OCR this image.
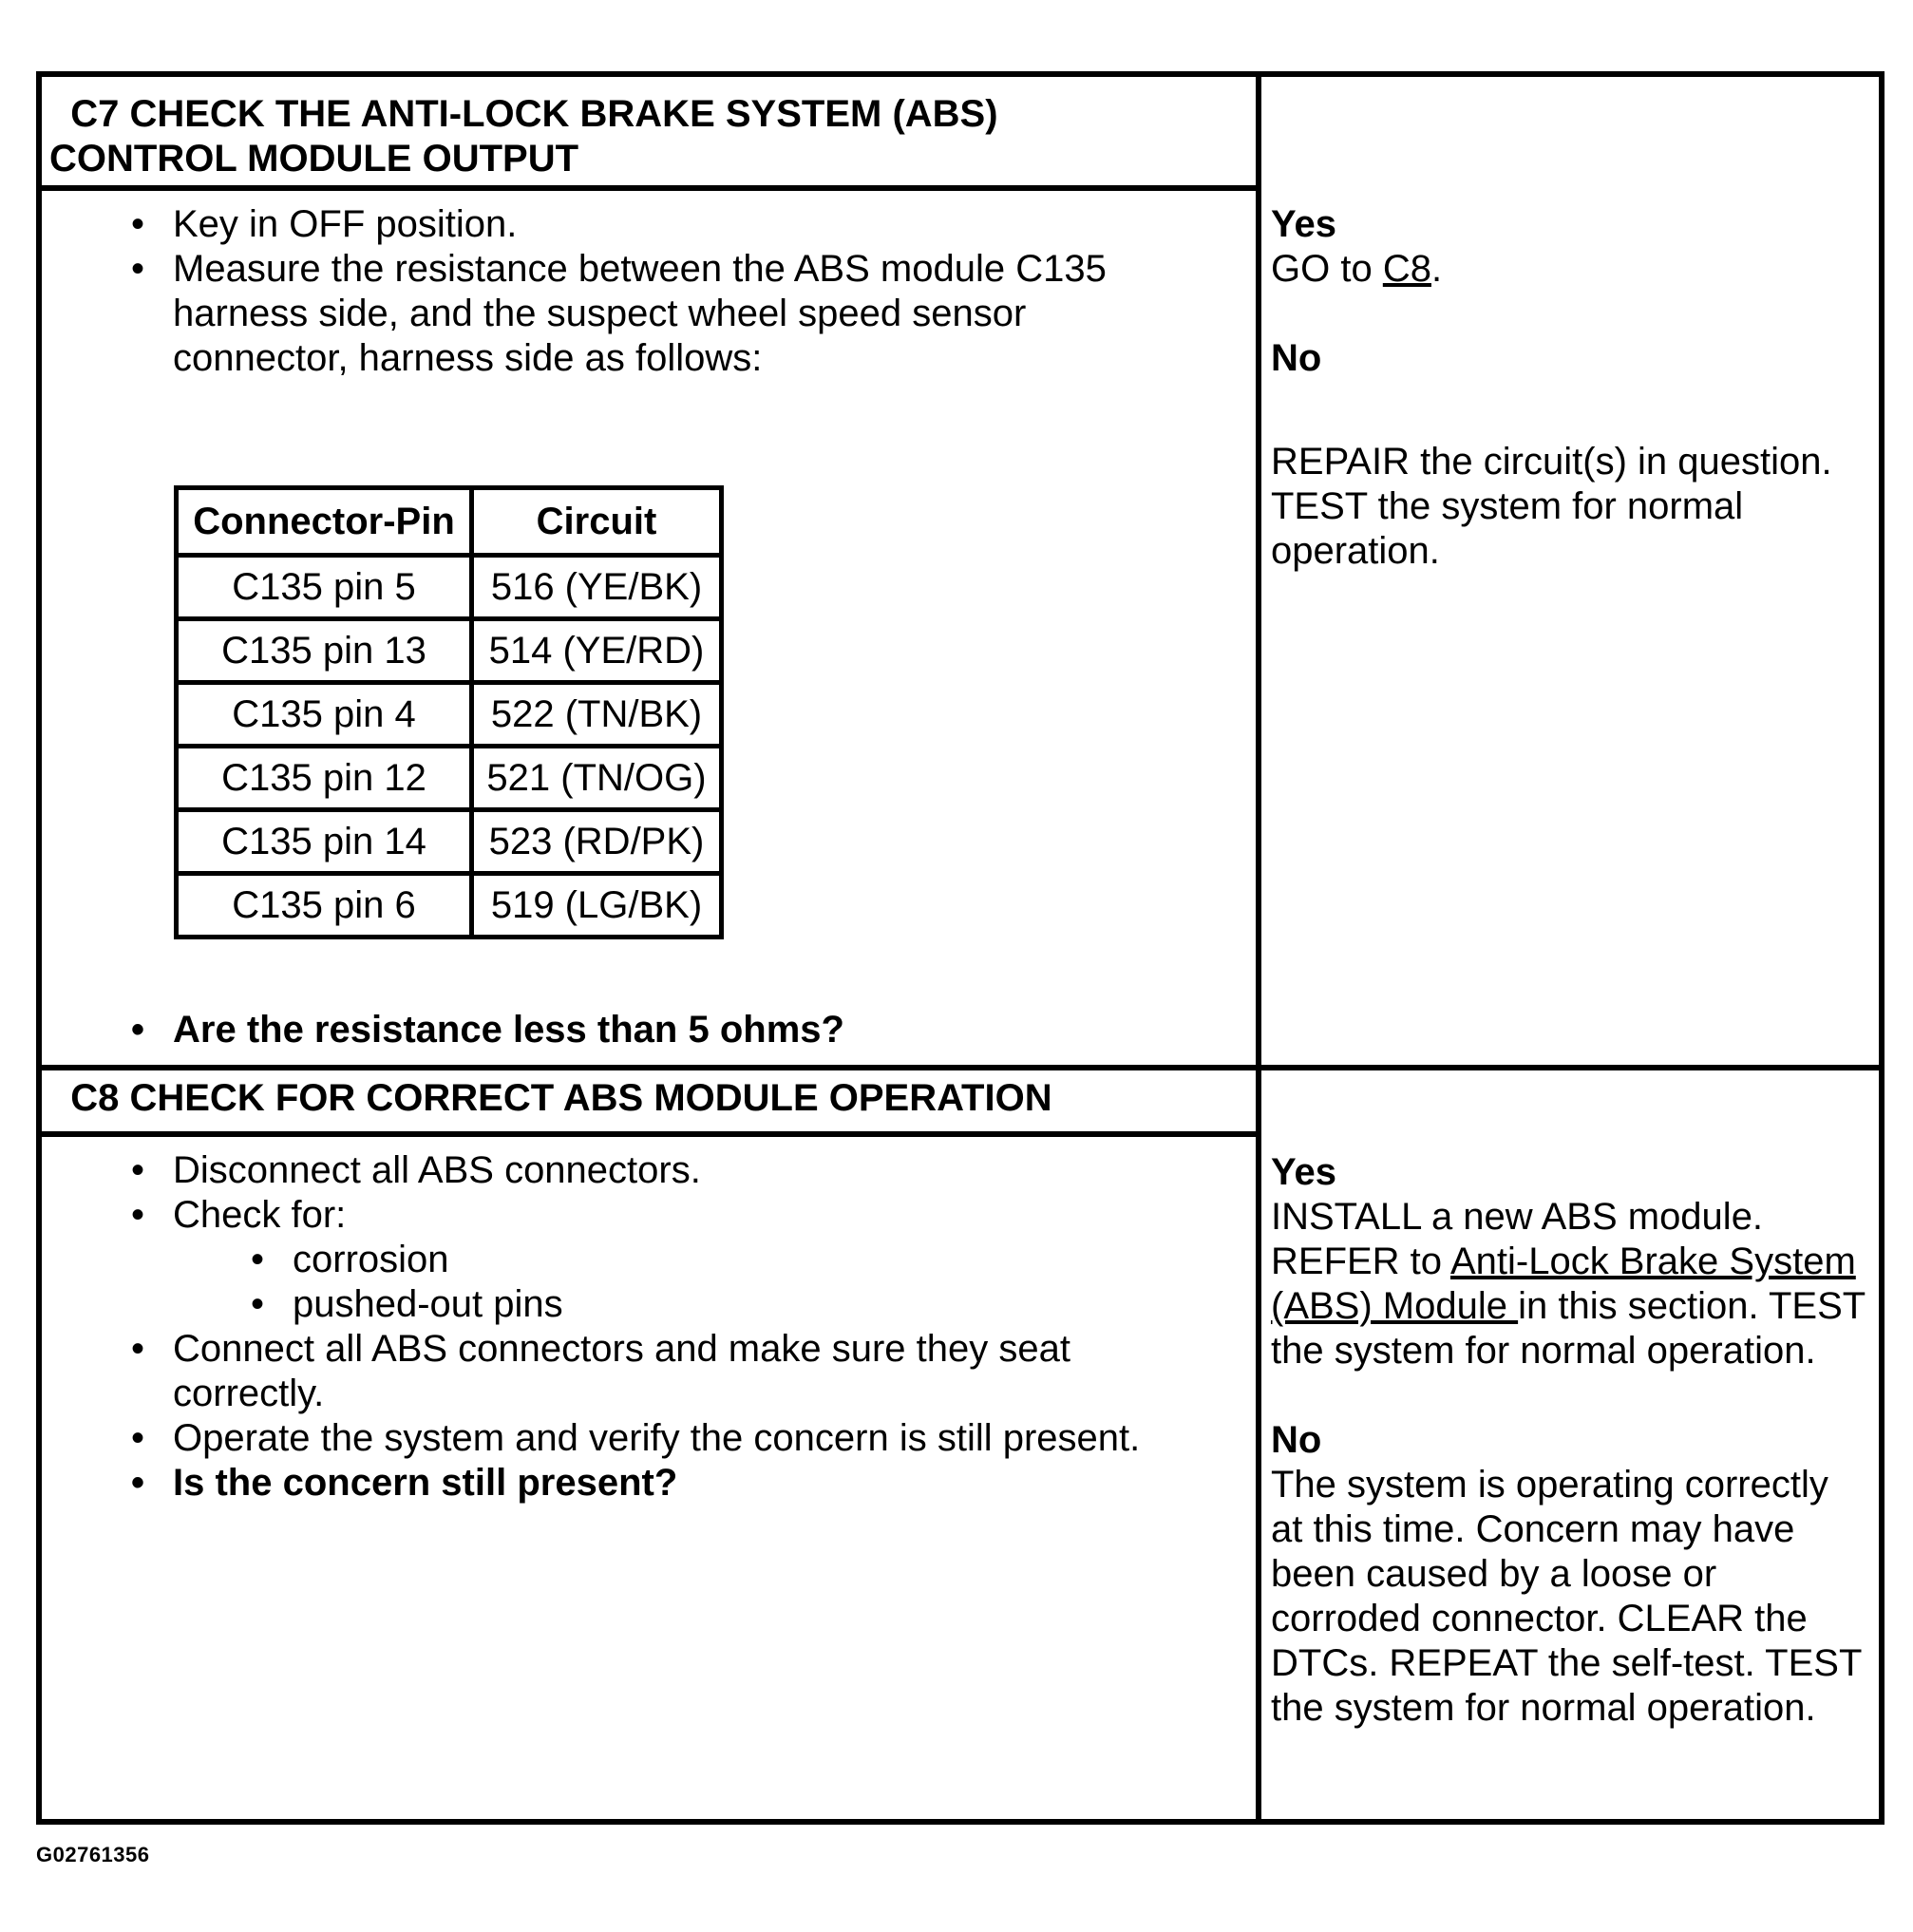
C7 CHECK THE ANTI-LOCK BRAKE SYSTEM (ABS)
CONTROL MODULE OUTPUT
• Key in OFF position.
• Measure the resistance between the ABS module C135 harness side, and the suspect wheel speed sensor connector, harness side as follows:
Connector-Pin	Circuit
C135 pin 5	516 (YE/BK)
C135 pin 13	514 (YE/RD)
C135 pin 4	522 (TN/BK)
C135 pin 12	521 (TN/OG)
C135 pin 14	523 (RD/PK)
C135 pin 6	519 (LG/BK)
• Are the resistance less than 5 ohms?
Yes
GO to C8.
No
REPAIR the circuit(s) in question. TEST the system for normal operation.
C8 CHECK FOR CORRECT ABS MODULE OPERATION
• Disconnect all ABS connectors.
• Check for:
• corrosion
• pushed-out pins
• Connect all ABS connectors and make sure they seat correctly.
• Operate the system and verify the concern is still present.
• Is the concern still present?
Yes
INSTALL a new ABS module. REFER to Anti-Lock Brake System (ABS) Module in this section. TEST the system for normal operation.
No
The system is operating correctly at this time. Concern may have been caused by a loose or corroded connector. CLEAR the DTCs. REPEAT the self-test. TEST the system for normal operation.
G02761356
